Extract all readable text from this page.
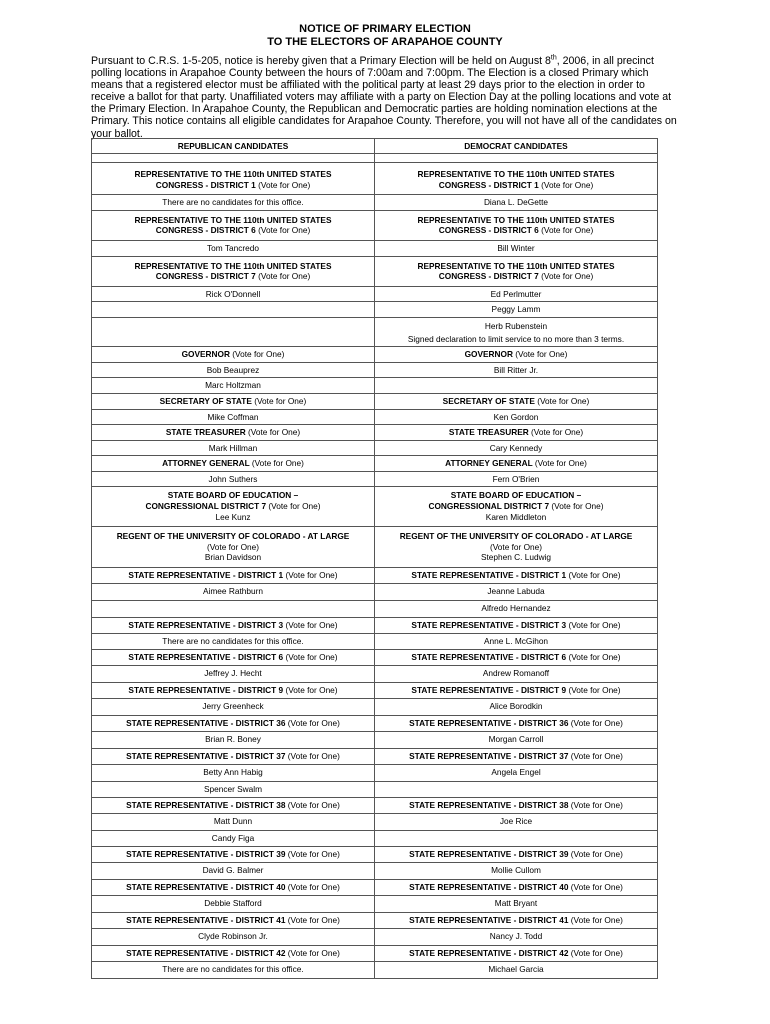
NOTICE OF PRIMARY ELECTION
TO THE ELECTORS OF ARAPAHOE COUNTY
Pursuant to C.R.S. 1-5-205, notice is hereby given that a Primary Election will be held on August 8th, 2006, in all precinct polling locations in Arapahoe County between the hours of 7:00am and 7:00pm. The Election is a closed Primary which means that a registered elector must be affiliated with the political party at least 29 days prior to the election in order to receive a ballot for that party. Unaffiliated voters may affiliate with a party on Election Day at the polling locations and vote at the Primary Election. In Arapahoe County, the Republican and Democratic parties are holding nomination elections at the Primary. This notice contains all eligible candidates for Arapahoe County. Therefore, you will not have all of the candidates on your ballot.
REPUBLICAN CANDIDATES	DEMOCRAT CANDIDATES

REPRESENTATIVE TO THE 110th UNITED STATES	REPRESENTATIVE TO THE 110th UNITED STATES
CONGRESS - DISTRICT 1 (Vote for One)	CONGRESS - DISTRICT 1 (Vote for One)
There are no candidates for this office.	Diana L. DeGette
REPRESENTATIVE TO THE 110th UNITED STATES	REPRESENTATIVE TO THE 110th UNITED STATES
CONGRESS - DISTRICT 6 (Vote for One)	CONGRESS - DISTRICT 6 (Vote for One)
Tom Tancredo	Bill Winter
REPRESENTATIVE TO THE 110th UNITED STATES	REPRESENTATIVE TO THE 110th UNITED STATES
CONGRESS - DISTRICT 7 (Vote for One)	CONGRESS - DISTRICT 7 (Vote for One)
Rick O'Donnell	Ed Perlmutter
	Peggy Lamm
	Herb Rubenstein
	Signed declaration to limit service to no more than 3 terms.
GOVERNOR (Vote for One)	GOVERNOR (Vote for One)
Bob Beauprez	Bill Ritter Jr.
Marc Holtzman	
SECRETARY OF STATE (Vote for One)	SECRETARY OF STATE (Vote for One)
Mike Coffman	Ken Gordon
STATE TREASURER (Vote for One)	STATE TREASURER (Vote for One)
Mark Hillman	Cary Kennedy
ATTORNEY GENERAL (Vote for One)	ATTORNEY GENERAL (Vote for One)
John Suthers	Fern O'Brien
STATE BOARD OF EDUCATION –	STATE BOARD OF EDUCATION –
CONGRESSIONAL DISTRICT 7 (Vote for One)	CONGRESSIONAL DISTRICT 7 (Vote for One)
Lee Kunz	Karen Middleton
REGENT OF THE UNIVERSITY OF COLORADO - AT LARGE	REGENT OF THE UNIVERSITY OF COLORADO - AT LARGE
(Vote for One)	(Vote for One)
Brian Davidson	Stephen C. Ludwig
STATE REPRESENTATIVE - DISTRICT 1 (Vote for One)	STATE REPRESENTATIVE - DISTRICT 1 (Vote for One)
Aimee Rathburn	Jeanne Labuda
	Alfredo Hernandez
STATE REPRESENTATIVE - DISTRICT 3 (Vote for One)	STATE REPRESENTATIVE - DISTRICT 3 (Vote for One)
There are no candidates for this office.	Anne L. McGihon
STATE REPRESENTATIVE - DISTRICT 6 (Vote for One)	STATE REPRESENTATIVE - DISTRICT 6 (Vote for One)
Jeffrey J. Hecht	Andrew Romanoff
STATE REPRESENTATIVE - DISTRICT 9 (Vote for One)	STATE REPRESENTATIVE - DISTRICT 9 (Vote for One)
Jerry Greenheck	Alice Borodkin
STATE REPRESENTATIVE - DISTRICT 36 (Vote for One)	STATE REPRESENTATIVE - DISTRICT 36 (Vote for One)
Brian R. Boney	Morgan Carroll
STATE REPRESENTATIVE - DISTRICT 37 (Vote for One)	STATE REPRESENTATIVE - DISTRICT 37 (Vote for One)
Betty Ann Habig	Angela Engel
Spencer Swalm	
STATE REPRESENTATIVE - DISTRICT 38 (Vote for One)	STATE REPRESENTATIVE - DISTRICT 38 (Vote for One)
Matt Dunn	Joe Rice
Candy Figa	
STATE REPRESENTATIVE - DISTRICT 39 (Vote for One)	STATE REPRESENTATIVE - DISTRICT 39 (Vote for One)
David G. Balmer	Mollie Cullom
STATE REPRESENTATIVE - DISTRICT 40 (Vote for One)	STATE REPRESENTATIVE - DISTRICT 40 (Vote for One)
Debbie Stafford	Matt Bryant
STATE REPRESENTATIVE - DISTRICT 41 (Vote for One)	STATE REPRESENTATIVE - DISTRICT 41 (Vote for One)
Clyde Robinson Jr.	Nancy J. Todd
STATE REPRESENTATIVE - DISTRICT 42 (Vote for One)	STATE REPRESENTATIVE - DISTRICT 42 (Vote for One)
There are no candidates for this office.	Michael Garcia
